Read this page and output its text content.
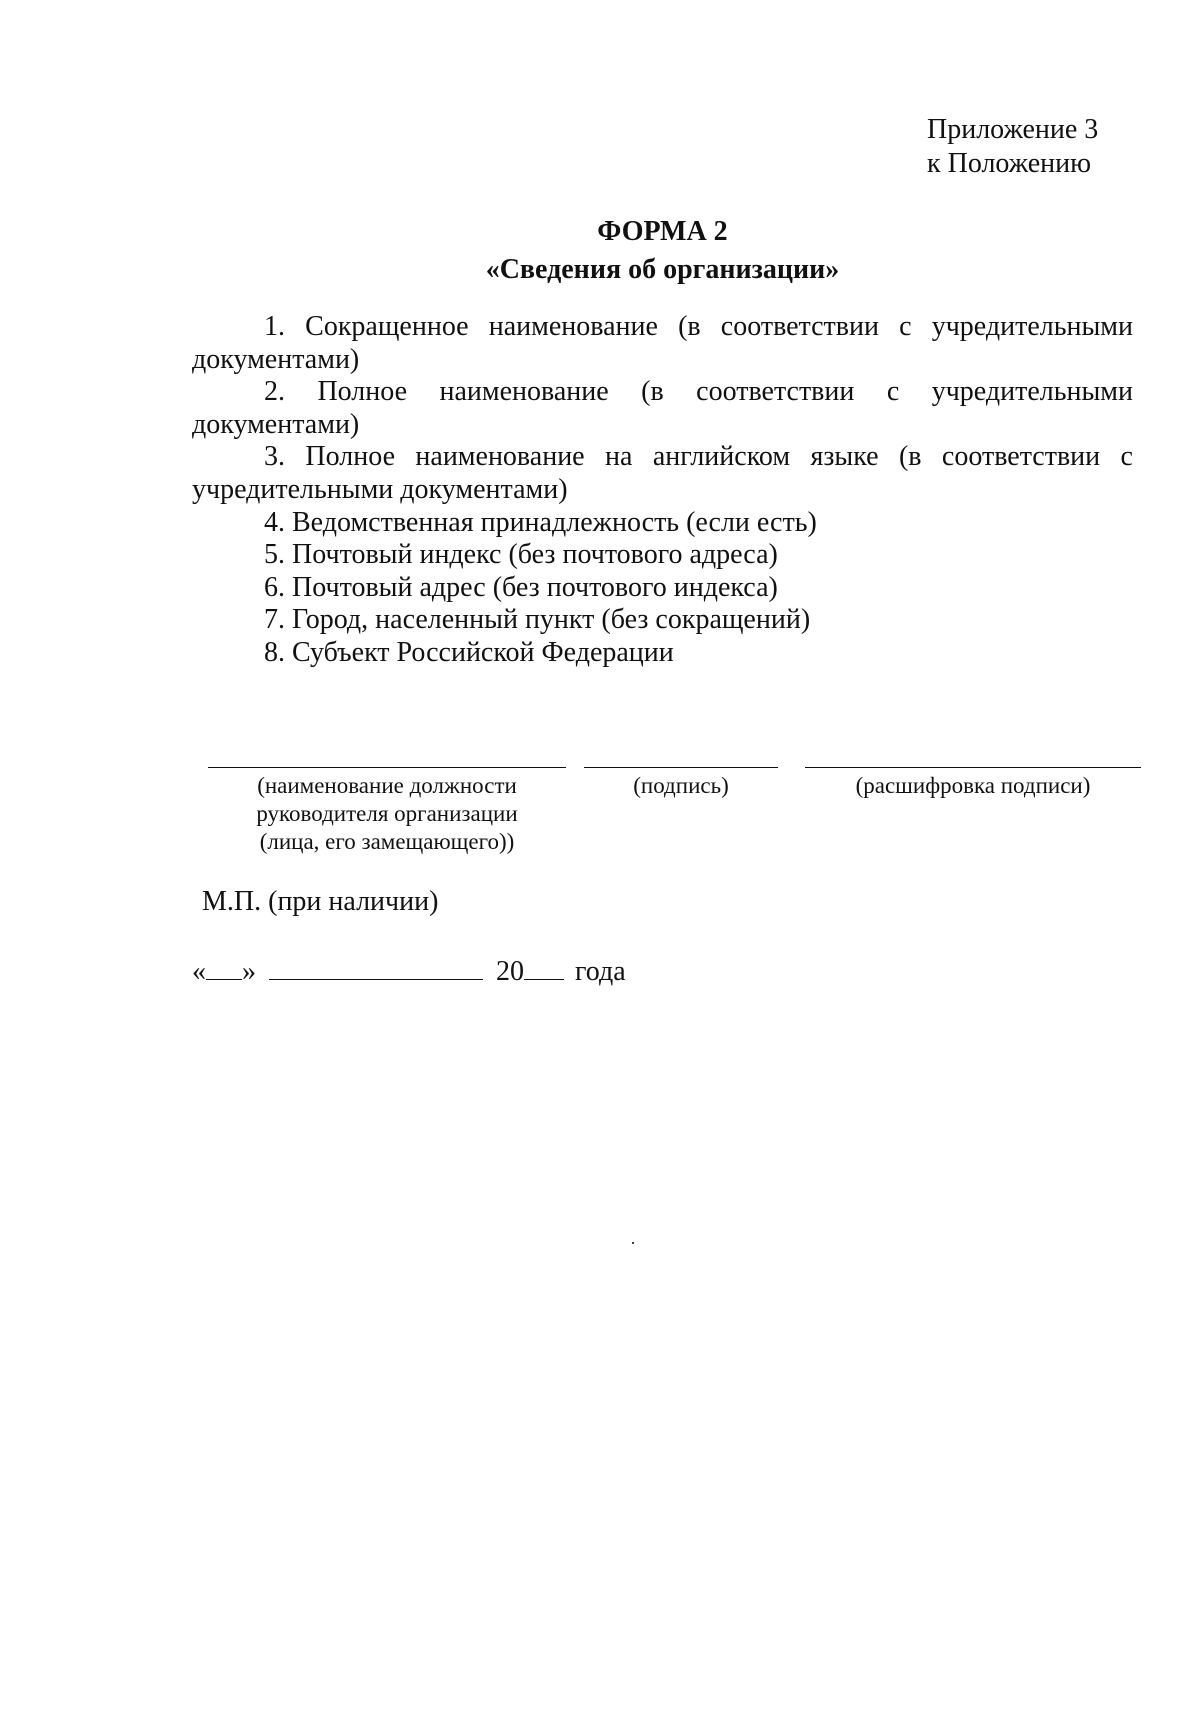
Приложение 3
к Положению
ФОРМА 2
«Сведения об организации»

1. Сокращенное наименование (в соответствии с учредительными документами)

2. Полное наименование (в соответствии с учредительными документами)

3. Полное наименование на английском языке (в соответствии с учредительными документами)

4. Ведомственная принадлежность (если есть)

5. Почтовый индекс (без почтового адреса)

6. Почтовый адрес (без почтового индекса)

7. Город, населенный пункт (без сокращений)

8. Субъект Российской Федерации

(наименование должности
руководителя организации
(лица, его замещающего))
(подпись)	(расшифровка подписи)
М.П. (при наличии)
« »	20 года
